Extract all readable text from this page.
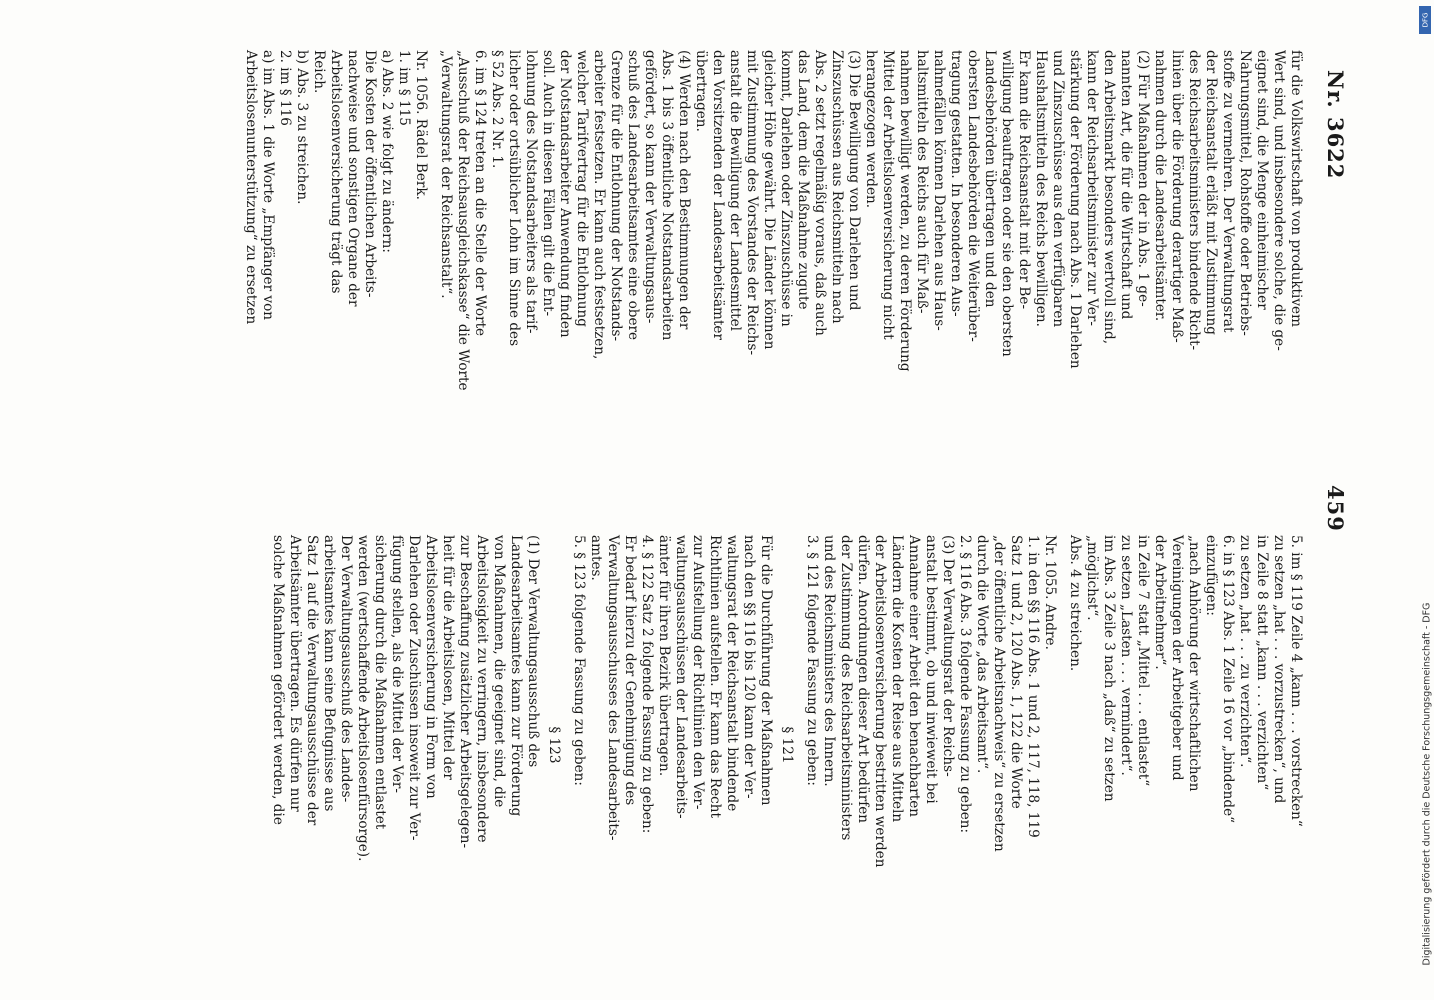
Nr. 3622
459

5. im § 119 Zeile 4 „kann . . . vorstrecken“

zu setzen „hat . . . vorzustrecken“, und

in Zeile 8 statt „kann . . . verzichten“

zu setzen „hat . . . zu verzichten“.

6. in § 123 Abs. 1 Zeile 16 vor „bindende“

einzufügen:

„nach Anhörung der wirtschaftlichen

Vereinigungen der Arbeitgeber und

der Arbeitnehmer“.

in Zeile 7 statt „Mittel . . . entlastet“

zu setzen „Lasten . . . vermindert“.

im Abs. 3 Zeile 3 nach „daß“ zu setzen

„möglichst“.

Abs. 4 zu streichen.

Nr. 1055. Andre.

1. in den §§ 116 Abs. 1 und 2, 117, 118, 119

Satz 1 und 2, 120 Abs. 1, 122 die Worte

„der öffentliche Arbeitsnachweis“ zu ersetzen

durch die Worte „das Arbeitsamt“.

2. § 116 Abs. 3 folgende Fassung zu geben:

(3) Der Verwaltungsrat der Reichs-

anstalt bestimmt, ob und inwieweit bei

Annahme einer Arbeit den benachbarten

Ländern die Kosten der Reise aus Mitteln

der Arbeitslosenversicherung bestritten werden

dürfen. Anordnungen dieser Art bedürfen

der Zustimmung des Reichsarbeitsministers

und des Reichsministers des Innern.

3. § 121 folgende Fassung zu geben:

§ 121

Für die Durchführung der Maßnahmen

nach den §§ 116 bis 120 kann der Ver-

waltungsrat der Reichsanstalt bindende

Richtlinien aufstellen. Er kann das Recht

zur Aufstellung der Richtlinien den Ver-

waltungsausschüssen der Landesarbeits-

ämter für ihren Bezirk übertragen.

4. § 122 Satz 2 folgende Fassung zu geben:

Er bedarf hierzu der Genehmigung des

Verwaltungsausschusses des Landesarbeits-

amtes.

5. § 123 folgende Fassung zu geben:

§ 123

(1) Der Verwaltungsausschuß des

Landesarbeitsamtes kann zur Förderung

von Maßnahmen, die geeignet sind, die

Arbeitslosigkeit zu verringern, insbesondere

zur Beschaffung zusätzlicher Arbeitsgelegen-

heit für die Arbeitslosen, Mittel der

Arbeitslosenversicherung in Form von

Darlehen oder Zuschüssen insoweit zur Ver-

fügung stellen, als die Mittel der Ver-

sicherung durch die Maßnahmen entlastet

werden (wertschaffende Arbeitslosenfürsorge).

Der Verwaltungsausschuß des Landes-

arbeitsamtes kann seine Befugnisse aus

Satz 1 auf die Verwaltungsausschüsse der

Arbeitsämter übertragen. Es dürfen nur

solche Maßnahmen gefördert werden, die

für die Volkswirtschaft von produktivem

Wert sind, und insbesondere solche, die ge-

eignet sind, die Menge einheimischer

Nahrungsmittel, Rohstoffe oder Betriebs-

stoffe zu vermehren. Der Verwaltungsrat

der Reichsanstalt erläßt mit Zustimmung

des Reichsarbeitsministers bindende Richt-

linien über die Förderung derartiger Maß-

nahmen durch die Landesarbeitsämter.

(2) Für Maßnahmen der in Abs. 1 ge-

nannten Art, die für die Wirtschaft und

den Arbeitsmarkt besonders wertvoll sind,

kann der Reichsarbeitsminister zur Ver-

stärkung der Förderung nach Abs. 1 Darlehen

und Zinszuschüsse aus den verfügbaren

Haushaltsmitteln des Reichs bewilligen.

Er kann die Reichsanstalt mit der Be-

willigung beauftragen oder sie den obersten

Landesbehörden übertragen und den

obersten Landesbehörden die Weiterüber-

tragung gestatten. In besonderen Aus-

nahmefällen können Darlehen aus Haus-

haltsmitteln des Reichs auch für Maß-

nahmen bewilligt werden, zu deren Förderung

Mittel der Arbeitslosenversicherung nicht

herangezogen werden.

(3) Die Bewilligung von Darlehen und

Zinszuschüssen aus Reichsmitteln nach

Abs. 2 setzt regelmäßig voraus, daß auch

das Land, dem die Maßnahme zugute

kommt, Darlehen oder Zinszuschüsse in

gleicher Höhe gewährt. Die Länder können

mit Zustimmung des Vorstandes der Reichs-

anstalt die Bewilligung der Landesmittel

den Vorsitzenden der Landesarbeitsämter

übertragen.

(4) Werden nach den Bestimmungen der

Abs. 1 bis 3 öffentliche Notstandsarbeiten

gefördert, so kann der Verwaltungsaus-

schuß des Landesarbeitsamtes eine obere

Grenze für die Entlohnung der Notstands-

arbeiter festsetzen. Er kann auch festsetzen,

welcher Tarifvertrag für die Entlohnung

der Notstandsarbeiter Anwendung finden

soll. Auch in diesen Fällen gilt die Ent-

lohnung des Notstandsarbeiters als tarif-

licher oder ortsüblicher Lohn im Sinne des

§ 52 Abs. 2 Nr. 1.

6. im § 124 treten an die Stelle der Worte

„Ausschuß der Reichsausgleichskasse“ die Worte

„Verwaltungsrat der Reichsanstalt“.

Nr. 1056. Rädel Berk.

1. im § 115

a) Abs. 2 wie folgt zu ändern:

Die Kosten der öffentlichen Arbeits-

nachweise und sonstigen Organe der

Arbeitslosenversicherung trägt das

Reich.

b) Abs. 3 zu streichen.

2. im § 116

a) im Abs. 1 die Worte „Empfänger von

Arbeitslosenunterstützung“ zu ersetzen

DFG
Digitalisierung gefördert durch die Deutsche Forschungsgemeinschaft - DFG
